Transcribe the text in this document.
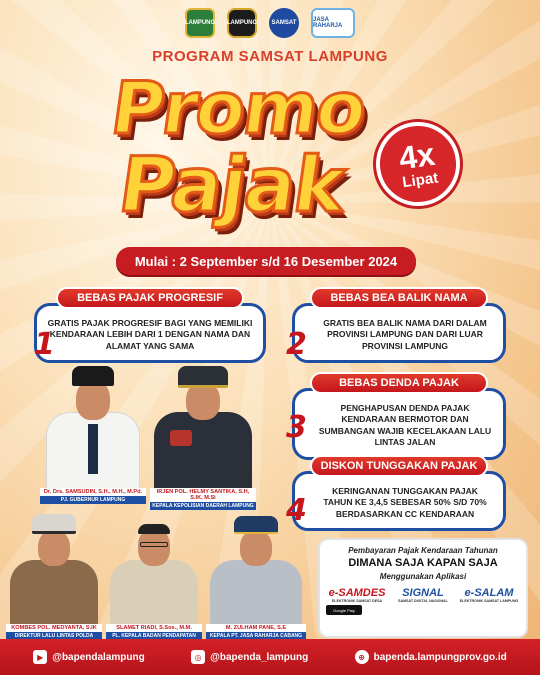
LAMPUNG LAMPUNG	SAMSAT	JASA RAHARJA
PROGRAM SAMSAT LAMPUNG
Promo
Pajak 4x
Lipat
Mulai : 2 September s/d 16 Desember 2024
BEBAS PAJAK PROGRESIF
GRATIS PAJAK PROGRESIF BAGI YANG MEMILIKI KENDARAAN LEBIH DARI 1 DENGAN NAMA DAN ALAMAT YANG SAMA
1
BEBAS BEA BALIK NAMA
GRATIS BEA BALIK NAMA DARI DALAM PROVINSI LAMPUNG DAN DARI LUAR PROVINSI LAMPUNG
2
BEBAS DENDA PAJAK
PENGHAPUSAN DENDA PAJAK KENDARAAN BERMOTOR DAN SUMBANGAN WAJIB KECELAKAAN LALU LINTAS JALAN
3
DISKON TUNGGAKAN PAJAK
KERINGANAN TUNGGAKAN PAJAK TAHUN KE 3,4,5 SEBESAR 50% S/D 70% BERDASARKAN CC KENDARAAN
4
Dr. Drs. SAMSUDIN, S.H., M.H., M.Pd.
PJ. GUBERNUR LAMPUNG
IRJEN POL. HELMY SANTIKA, S.H, S.IK, M.Si
KEPALA KEPOLISIAN DAERAH LAMPUNG
KOMBES POL. MEDYANTA, S.IK
DIREKTUR LALU LINTAS POLDA
SLAMET RIADI, S.Sos., M.M.
PL. KEPALA BADAN PENDAPATAN
M. ZULHAM PANE, S.E
KEPALA PT. JASA RAHARJA CABANG
Pembayaran Pajak Kendaraan Tahunan
DIMANA SAJA KAPAN SAJA
Menggunakan Aplikasi
e-SAMDES
ELEKTRONIK SAMSAT DESA
Google Play
SIGNAL
SAMSAT DIGITAL NASIONAL
e-SALAM
ELEKTRONIK SAMSAT LAMPUNG
▶ @bapendalampung	◎ @bapenda_lampung	⊕ bapenda.lampungprov.go.id
